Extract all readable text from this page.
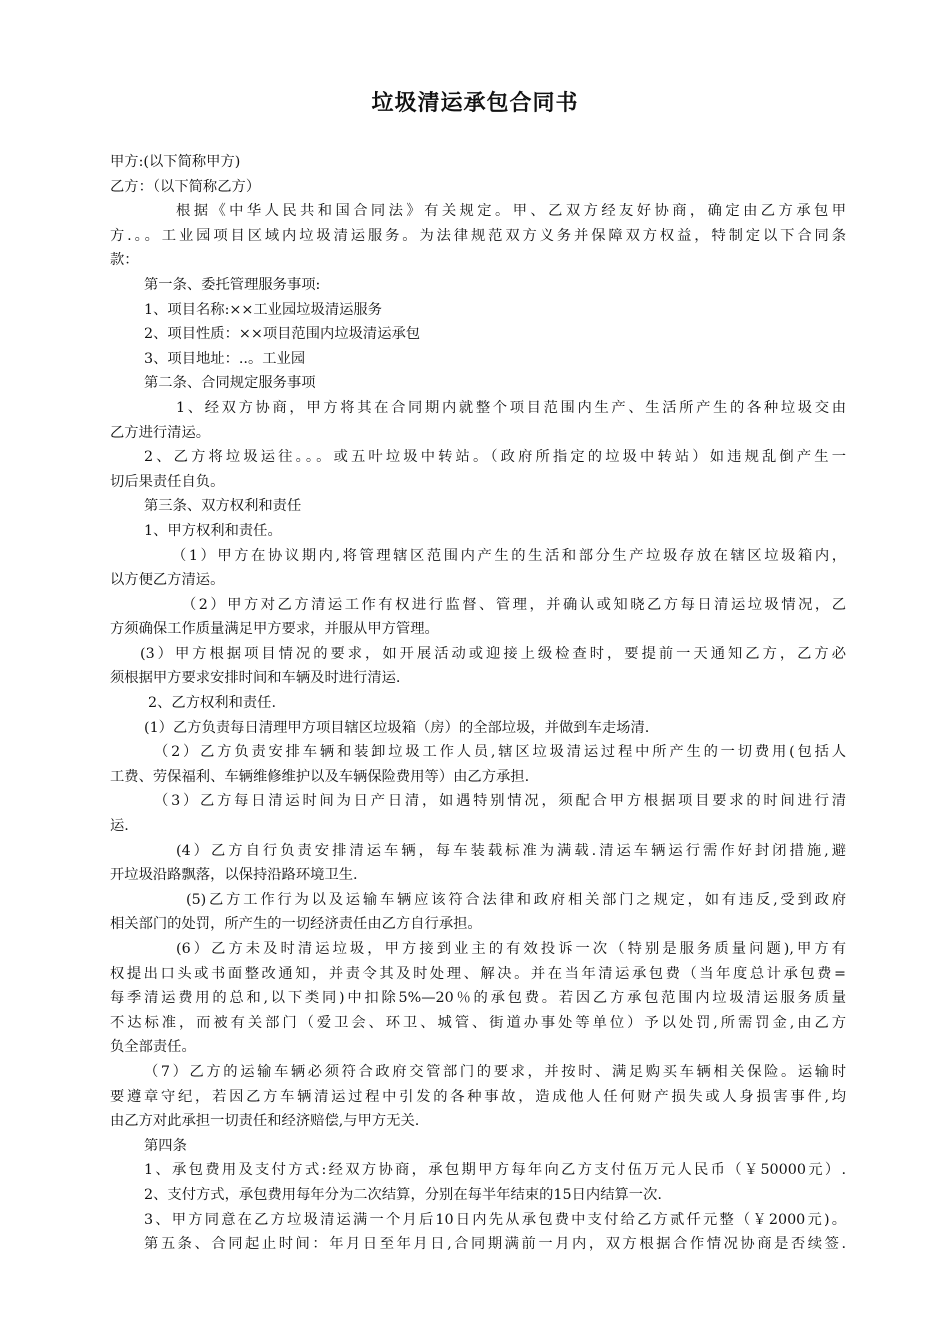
垃圾清运承包合同书
甲方:(以下简称甲方)
乙方：（以下简称乙方）
根据《中华人民共和国合同法》有关规定。甲、乙双方经友好协商，确定由乙方承包甲
方.。。工业园项目区域内垃圾清运服务。为法律规范双方义务并保障双方权益，特制定以下合同条
款：
第一条、委托管理服务事项:
1、项目名称:××工业园垃圾清运服务
2、项目性质：××项目范围内垃圾清运承包
3、项目地址：..。工业园
第二条、合同规定服务事项
1、经双方协商，甲方将其在合同期内就整个项目范围内生产、生活所产生的各种垃圾交由
乙方进行清运。
2、乙方将垃圾运往。。。或五叶垃圾中转站。（政府所指定的垃圾中转站）如违规乱倒产生一
切后果责任自负。
第三条、双方权利和责任
1、甲方权利和责任。
（1）甲方在协议期内,将管理辖区范围内产生的生活和部分生产垃圾存放在辖区垃圾箱内，
以方便乙方清运。
（2）甲方对乙方清运工作有权进行监督、管理，并确认或知晓乙方每日清运垃圾情况，乙
方须确保工作质量满足甲方要求，并服从甲方管理。
(3）甲方根据项目情况的要求，如开展活动或迎接上级检查时，要提前一天通知乙方，乙方必
须根据甲方要求安排时间和车辆及时进行清运.
2、乙方权利和责任.
(1）乙方负责每日清理甲方项目辖区垃圾箱（房）的全部垃圾，并做到车走场清.
（2）乙方负责安排车辆和装卸垃圾工作人员,辖区垃圾清运过程中所产生的一切费用(包括人
工费、劳保福利、车辆维修维护以及车辆保险费用等）由乙方承担.
（3）乙方每日清运时间为日产日清，如遇特别情况，须配合甲方根据项目要求的时间进行清
运.
(4）乙方自行负责安排清运车辆，每车装载标准为满载.清运车辆运行需作好封闭措施,避
开垃圾沿路飘落，以保持沿路环境卫生.
(5)乙方工作行为以及运输车辆应该符合法律和政府相关部门之规定，如有违反,受到政府
相关部门的处罚，所产生的一切经济责任由乙方自行承担。
(6）乙方未及时清运垃圾，甲方接到业主的有效投诉一次（特别是服务质量问题),甲方有
权提出口头或书面整改通知，并责令其及时处理、解决。并在当年清运承包费（当年度总计承包费=
每季清运费用的总和,以下类同)中扣除5%—20％的承包费。若因乙方承包范围内垃圾清运服务质量
不达标准，而被有关部门（爱卫会、环卫、城管、街道办事处等单位）予以处罚,所需罚金,由乙方
负全部责任。
（7）乙方的运输车辆必须符合政府交管部门的要求，并按时、满足购买车辆相关保险。运输时
要遵章守纪，若因乙方车辆清运过程中引发的各种事故，造成他人任何财产损失或人身损害事件,均
由乙方对此承担一切责任和经济赔偿,与甲方无关.
第四条
1、承包费用及支付方式:经双方协商，承包期甲方每年向乙方支付伍万元人民币（￥50000元）.
2、支付方式，承包费用每年分为二次结算，分别在每半年结束的15日内结算一次.
3、甲方同意在乙方垃圾清运满一个月后10日内先从承包费中支付给乙方贰仟元整（￥2000元)。
第五条、合同起止时间：年月日至年月日,合同期满前一月内，双方根据合作情况协商是否续签.
